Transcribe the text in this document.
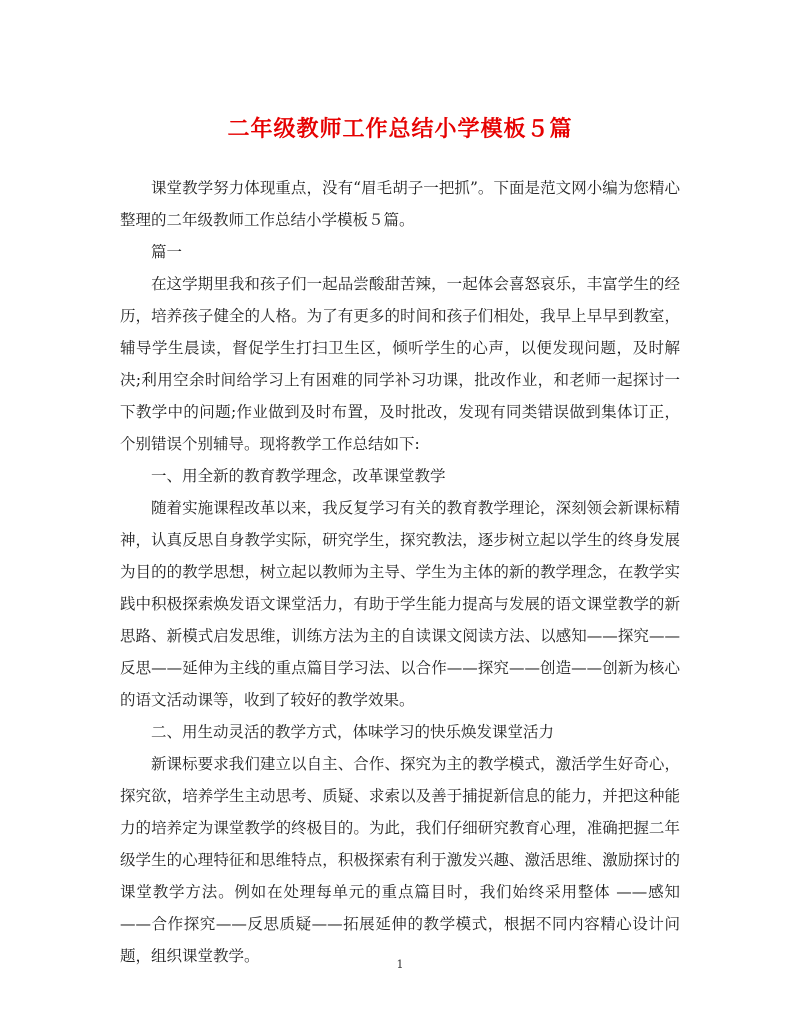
二年级教师工作总结小学模板５篇

课堂教学努力体现重点，没有“眉毛胡子一把抓”。下面是范文网小编为您精心整理的二年级教师工作总结小学模板５篇。

篇一

在这学期里我和孩子们一起品尝酸甜苦辣，一起体会喜怒哀乐，丰富学生的经历，培养孩子健全的人格。为了有更多的时间和孩子们相处，我早上早早到教室，辅导学生晨读，督促学生打扫卫生区，倾听学生的心声，以便发现问题，及时解决;利用空余时间给学习上有困难的同学补习功课，批改作业，和老师一起探讨一下教学中的问题;作业做到及时布置，及时批改，发现有同类错误做到集体订正，个别错误个别辅导。现将教学工作总结如下:

一、用全新的教育教学理念，改革课堂教学

随着实施课程改革以来，我反复学习有关的教育教学理论，深刻领会新课标精神，认真反思自身教学实际，研究学生，探究教法，逐步树立起以学生的终身发展为目的的教学思想，树立起以教师为主导、学生为主体的新的教学理念，在教学实践中积极探索焕发语文课堂活力，有助于学生能力提高与发展的语文课堂教学的新思路、新模式启发思维，训练方法为主的自读课文阅读方法、以感知——探究——反思——延伸为主线的重点篇目学习法、以合作——探究——创造——创新为核心的语文活动课等，收到了较好的教学效果。

二、用生动灵活的教学方式，体味学习的快乐焕发课堂活力

新课标要求我们建立以自主、合作、探究为主的教学模式，激活学生好奇心，探究欲，培养学生主动思考、质疑、求索以及善于捕捉新信息的能力，并把这种能力的培养定为课堂教学的终极目的。为此，我们仔细研究教育心理，准确把握二年级学生的心理特征和思维特点，积极探索有利于激发兴趣、激活思维、激励探讨的课堂教学方法。例如在处理每单元的重点篇目时，我们始终采用整体 ——感知——合作探究——反思质疑——拓展延伸的教学模式，根据不同内容精心设计问题，组织课堂教学。	1
